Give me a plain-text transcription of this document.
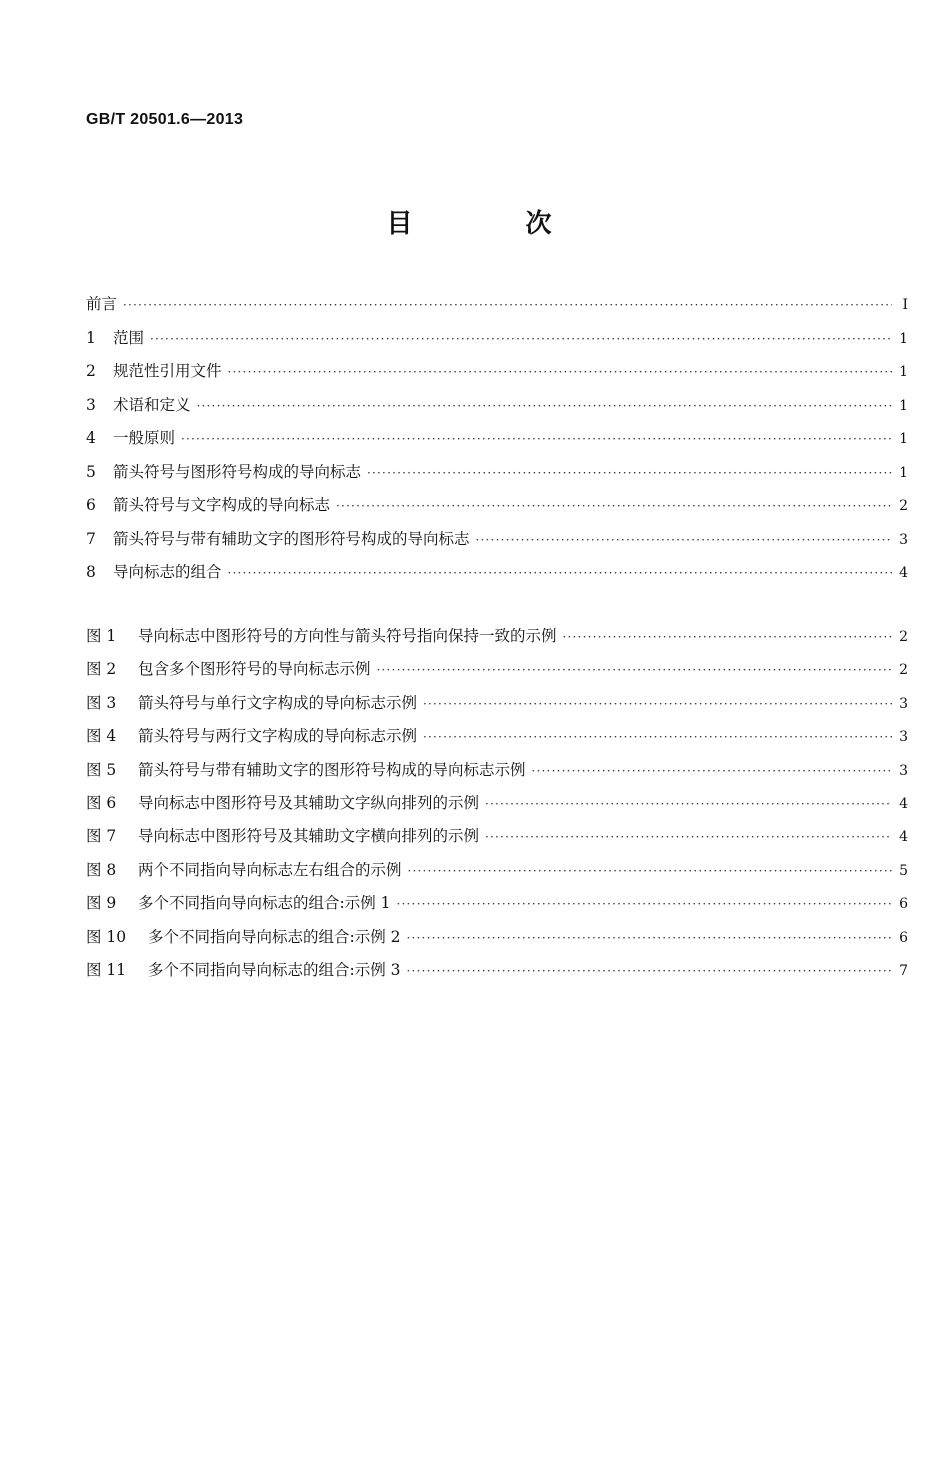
GB/T 20501.6—2013
目 次
前言 ·····	Ⅰ
1	范围 ·····	1
2	规范性引用文件 ·····	1
3	术语和定义 ·····	1
4	一般原则 ·····	1
5	箭头符号与图形符号构成的导向标志 ·····	1
6	箭头符号与文字构成的导向标志 ·····	2
7	箭头符号与带有辅助文字的图形符号构成的导向标志 ·····	3
8	导向标志的组合 ·····	4
图 1	导向标志中图形符号的方向性与箭头符号指向保持一致的示例 ·····	2
图 2	包含多个图形符号的导向标志示例 ·····	2
图 3	箭头符号与单行文字构成的导向标志示例 ·····	3
图 4	箭头符号与两行文字构成的导向标志示例 ·····	3
图 5	箭头符号与带有辅助文字的图形符号构成的导向标志示例 ·····	3
图 6	导向标志中图形符号及其辅助文字纵向排列的示例 ·····	4
图 7	导向标志中图形符号及其辅助文字横向排列的示例 ·····	4
图 8	两个不同指向导向标志左右组合的示例 ·····	5
图 9	多个不同指向导向标志的组合:示例 1 ·····	6
图 10	多个不同指向导向标志的组合:示例 2 ·····	6
图 11	多个不同指向导向标志的组合:示例 3 ·····	7
